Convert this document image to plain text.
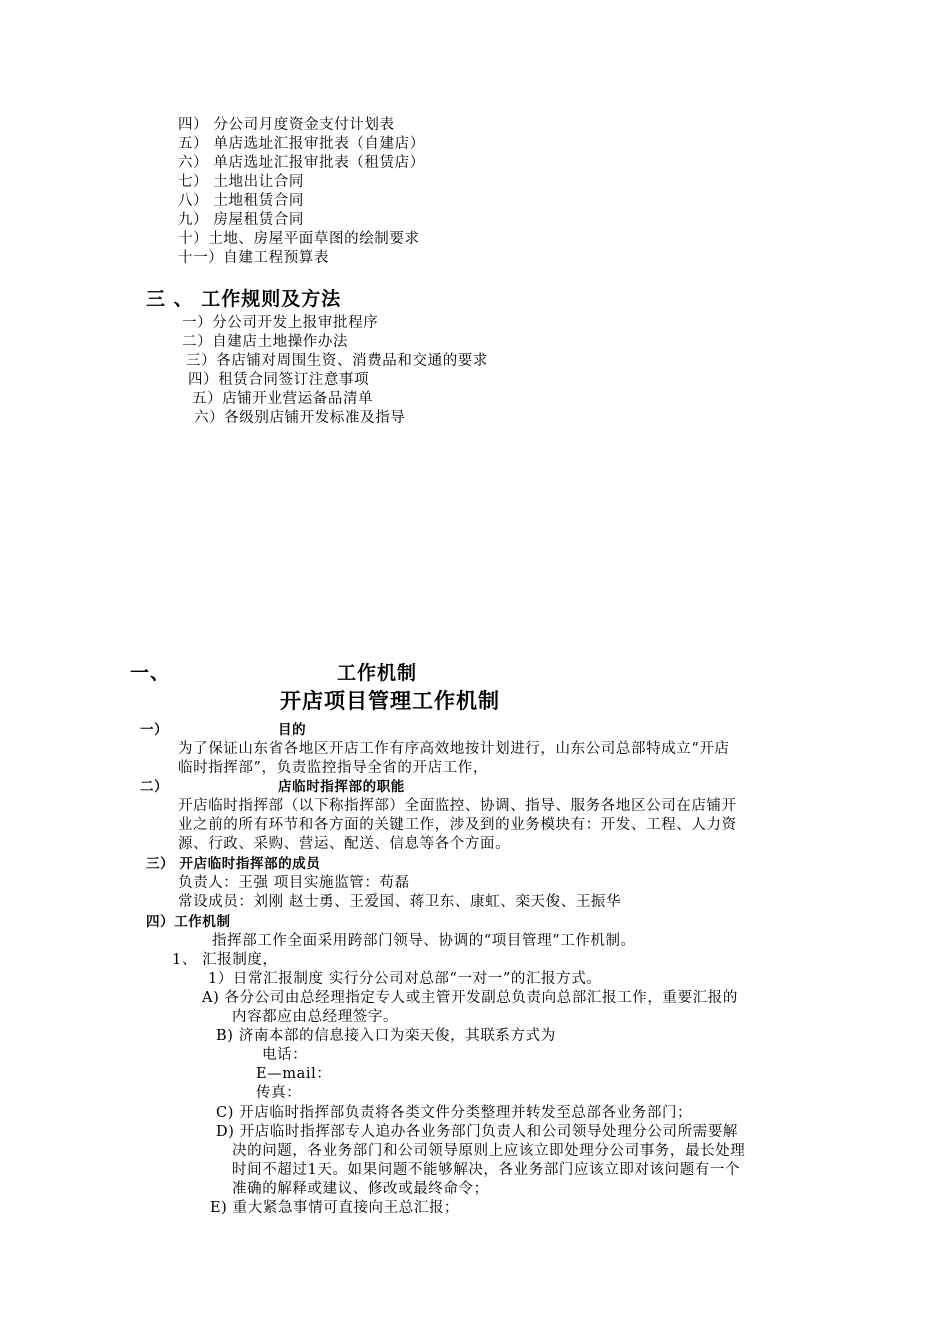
四） 分公司月度资金支付计划表
五） 单店选址汇报审批表（自建店）
六） 单店选址汇报审批表（租赁店）
七） 土地出让合同
八） 土地租赁合同
九） 房屋租赁合同
十）土地、房屋平面草图的绘制要求
十一）自建工程预算表
三 、 工作规则及方法
一）分公司开发上报审批程序
二）自建店土地操作办法
三）各店铺对周围生资、消费品和交通的要求
四）租赁合同签订注意事项
五）店铺开业营运备品清单
六）各级别店铺开发标准及指导
一、	工作机制
开店项目管理工作机制
一）	目的
为了保证山东省各地区开店工作有序高效地按计划进行，山东公司总部特成立“开店
临时指挥部”，负责监控指导全省的开店工作，
二）	店临时指挥部的职能
开店临时指挥部（以下称指挥部）全面监控、协调、指导、服务各地区公司在店铺开
业之前的所有环节和各方面的关键工作，涉及到的业务模块有：开发、工程、人力资
源、行政、采购、营运、配送、信息等各个方面。
三） 开店临时指挥部的成员
负责人：王强 项目实施监管：苟磊
常设成员：刘刚 赵士勇、王爱国、蒋卫东、康虹、栾天俊、王振华
四）工作机制
指挥部工作全面采用跨部门领导、协调的“项目管理”工作机制。
1、 汇报制度，
1）日常汇报制度 实行分公司对总部“一对一”的汇报方式。
A) 各分公司由总经理指定专人或主管开发副总负责向总部汇报工作，重要汇报的
内容都应由总经理签字。
B) 济南本部的信息接入口为栾天俊，其联系方式为
电话：
E—mail：
传真：
C) 开店临时指挥部负责将各类文件分类整理并转发至总部各业务部门；
D) 开店临时指挥部专人追办各业务部门负责人和公司领导处理分公司所需要解
决的问题，各业务部门和公司领导原则上应该立即处理分公司事务，最长处理
时间不超过1天。如果问题不能够解决，各业务部门应该立即对该问题有一个
准确的解释或建议、修改或最终命令；
E) 重大紧急事情可直接向王总汇报；
